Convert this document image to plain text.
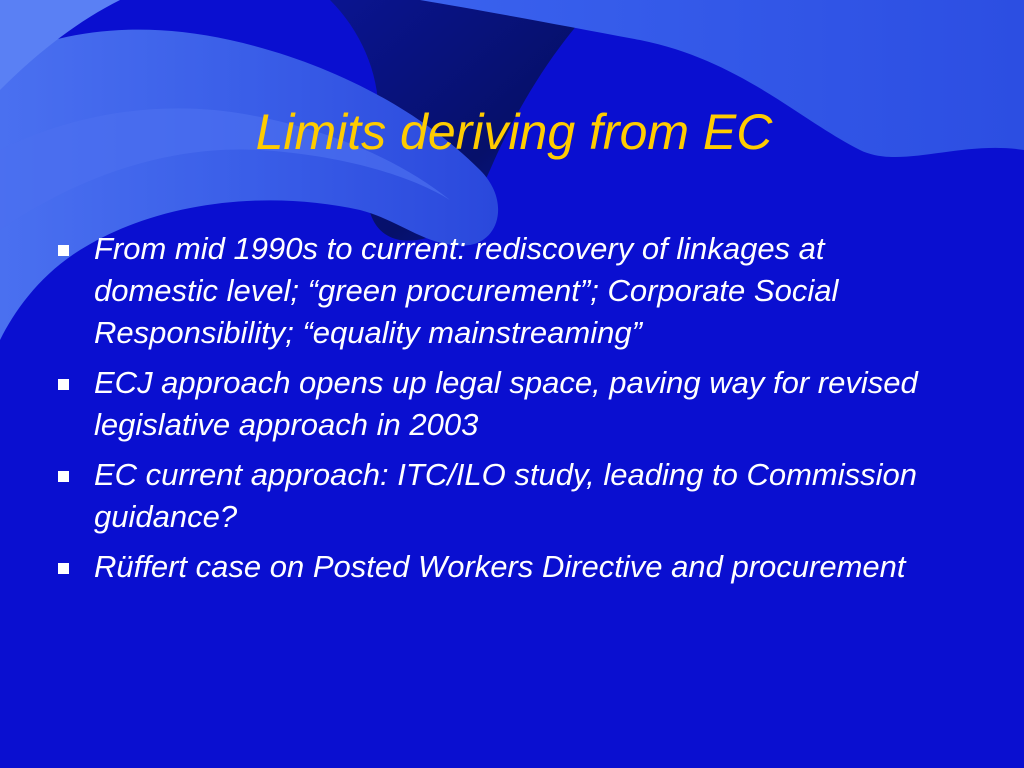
Limits deriving from EC
From mid 1990s to current: rediscovery of linkages at domestic level; “green procurement”; Corporate Social Responsibility; “equality mainstreaming”
ECJ approach opens up legal space, paving way for revised legislative approach in 2003
EC current approach: ITC/ILO study, leading to Commission guidance?
Rüffert case on Posted Workers Directive and procurement
